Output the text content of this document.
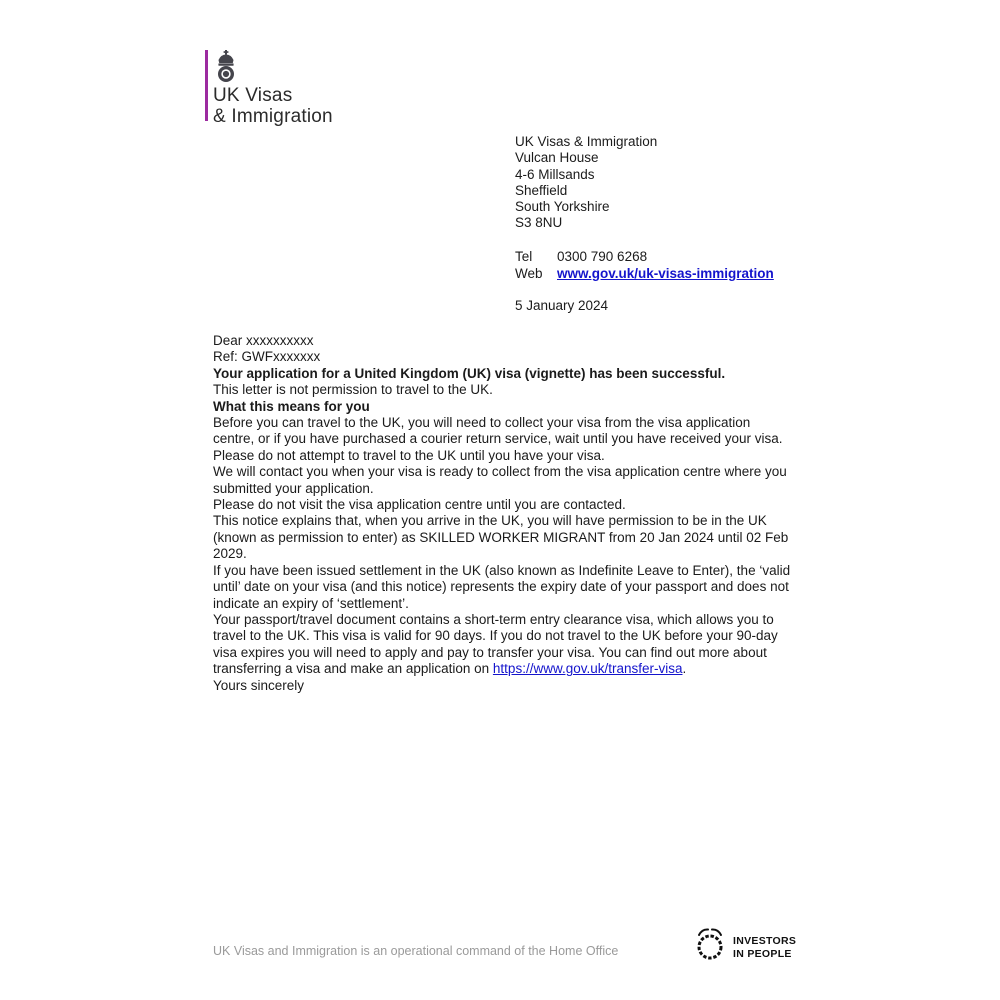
UK Visas
& Immigration
UK Visas & Immigration
Vulcan House
4-6 Millsands
Sheffield
South Yorkshire
S3 8NU
Tel	0300 790 6268
Web	www.gov.uk/uk-visas-immigration
5 January 2024

Dear xxxxxxxxxx

Ref: GWFxxxxxxx

Your application for a United Kingdom (UK) visa (vignette) has been successful.

This letter is not permission to travel to the UK.

What this means for you

Before you can travel to the UK, you will need to collect your visa from the visa application centre, or if you have purchased a courier return service, wait until you have received your visa. Please do not attempt to travel to the UK until you have your visa.

We will contact you when your visa is ready to collect from the visa application centre where you submitted your application.

Please do not visit the visa application centre until you are contacted.

This notice explains that, when you arrive in the UK, you will have permission to be in the UK (known as permission to enter) as SKILLED WORKER MIGRANT from 20 Jan 2024 until 02 Feb 2029.

If you have been issued settlement in the UK (also known as Indefinite Leave to Enter), the ‘valid until’ date on your visa (and this notice) represents the expiry date of your passport and does not indicate an expiry of ‘settlement’.

Your passport/travel document contains a short-term entry clearance visa, which allows you to travel to the UK. This visa is valid for 90 days. If you do not travel to the UK before your 90-day visa expires you will need to apply and pay to transfer your visa. You can find out more about transferring a visa and make an application on https://www.gov.uk/transfer-visa.

Yours sincerely

UK Visas and Immigration is an operational command of the Home Office
INVESTORS
IN PEOPLE
